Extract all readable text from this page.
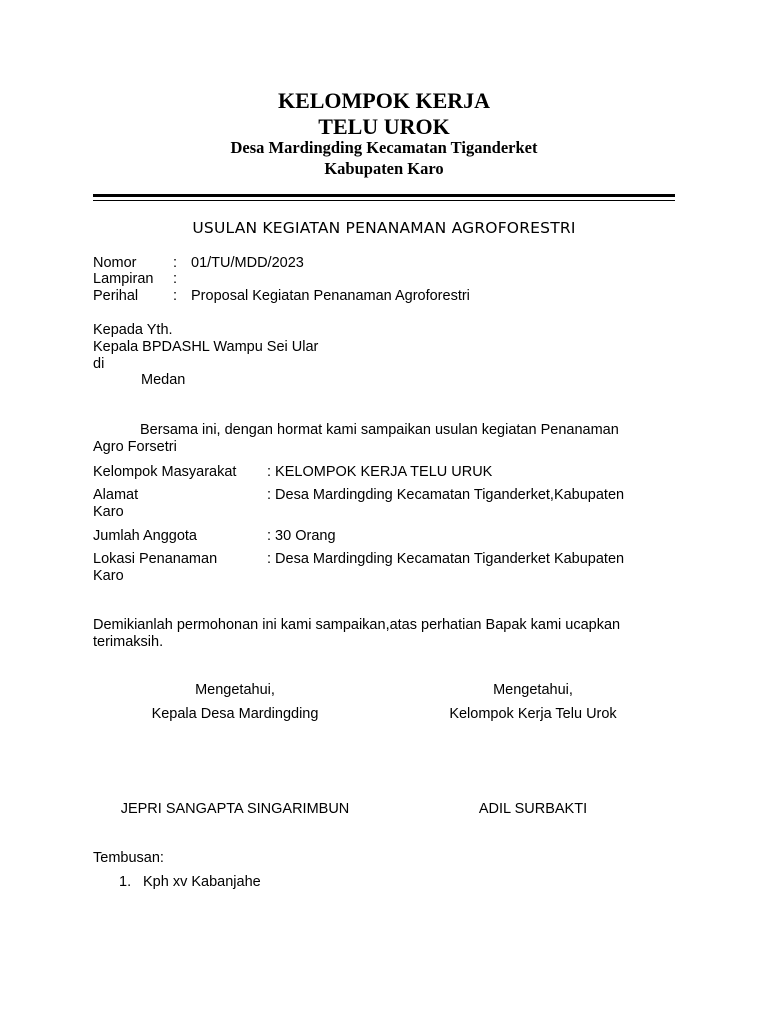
KELOMPOK KERJA
TELU UROK
Desa Mardingding Kecamatan Tiganderket
Kabupaten Karo
USULAN KEGIATAN PENANAMAN AGROFORESTRI
Nomor	: 01/TU/MDD/2023
Lampiran :
Perihal : Proposal Kegiatan Penanaman Agroforestri
Kepada Yth.
Kepala BPDASHL Wampu Sei Ular
di
Medan
Bersama ini, dengan hormat kami sampaikan usulan kegiatan Penanaman
Agro Forsetri
Kelompok Masyarakat : KELOMPOK KERJA TELU URUK
Alamat	: Desa Mardingding Kecamatan Tiganderket,Kabupaten
Karo
Jumlah Anggota	: 30 Orang
Lokasi Penanaman	: Desa Mardingding Kecamatan Tiganderket Kabupaten
Karo
Demikianlah permohonan ini kami sampaikan,atas perhatian Bapak kami ucapkan
terimaksih.
Mengetahui,
Kepala Desa Mardingding
JEPRI SANGAPTA SINGARIMBUN
Mengetahui,
Kelompok Kerja Telu Urok
ADIL SURBAKTI
Tembusan:
1. Kph xv Kabanjahe
